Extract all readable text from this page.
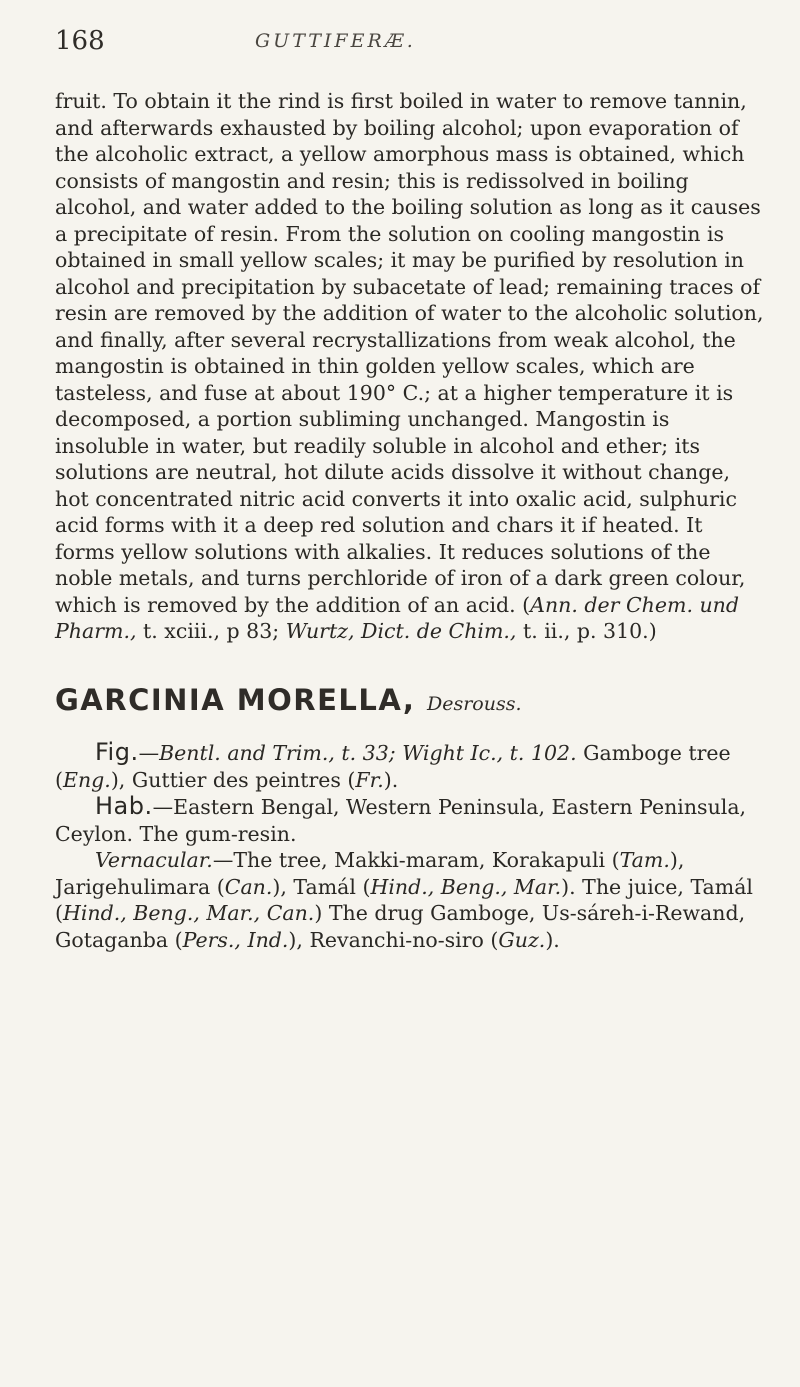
168	GUTTIFERÆ.

fruit. To obtain it the rind is first boiled in water to remove tannin, and afterwards exhausted by boiling alcohol; upon evaporation of the alcoholic extract, a yellow amorphous mass is obtained, which consists of mangostin and resin; this is redissolved in boiling alcohol, and water added to the boiling solution as long as it causes a precipitate of resin. From the solution on cooling mangostin is obtained in small yellow scales; it may be purified by resolution in alcohol and precipitation by subacetate of lead; remaining traces of resin are removed by the addition of water to the alcoholic solution, and finally, after several recrystallizations from weak alcohol, the mangostin is obtained in thin golden yellow scales, which are tasteless, and fuse at about 190° C.; at a higher temperature it is decomposed, a portion subliming unchanged. Mangostin is insoluble in water, but readily soluble in alcohol and ether; its solutions are neutral, hot dilute acids dissolve it without change, hot concentrated nitric acid converts it into oxalic acid, sulphuric acid forms with it a deep red solution and chars it if heated. It forms yellow solutions with alkalies. It reduces solutions of the noble metals, and turns perchloride of iron of a dark green colour, which is removed by the addition of an acid. (Ann. der Chem. und Pharm., t. xciii., p 83; Wurtz, Dict. de Chim., t. ii., p. 310.)

GARCINIA MORELLA, Desrouss.

Fig.—Bentl. and Trim., t. 33; Wight Ic., t. 102. Gamboge tree (Eng.), Guttier des peintres (Fr.).

Hab.—Eastern Bengal, Western Peninsula, Eastern Peninsula, Ceylon. The gum-resin.

Vernacular.—The tree, Makki-maram, Korakapuli (Tam.), Jarigehulimara (Can.), Tamál (Hind., Beng., Mar.). The juice, Tamál (Hind., Beng., Mar., Can.) The drug Gamboge, Us-sáreh-i-Rewand, Gotaganba (Pers., Ind.), Revanchi-no-siro (Guz.).
